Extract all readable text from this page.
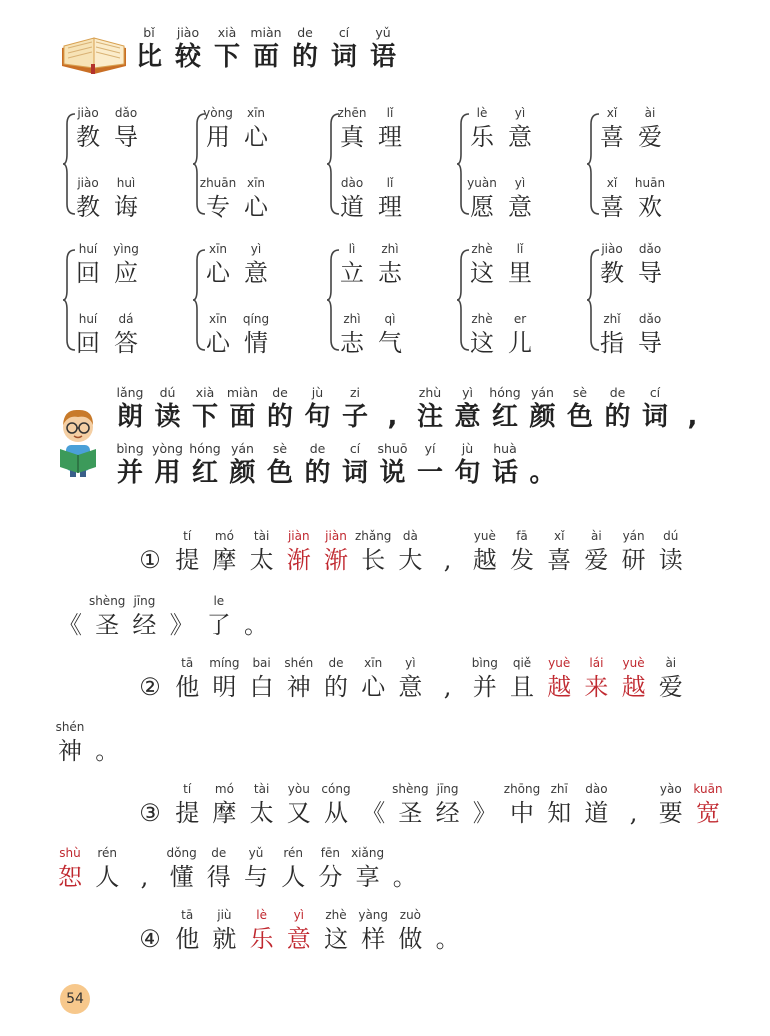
bǐ
比
jiào
较
xià
下
miàn
面
de
的
cí
词
yǔ
语
jiào
教
dǎo
导
jiào
教
huì
诲
yòng
用
xīn
心
zhuān
专
xīn
心
zhēn
真
lǐ
理
dào
道
lǐ
理
lè
乐
yì
意
yuàn
愿
yì
意
xǐ
喜
ài
爱
xǐ
喜
huān
欢
huí
回
yìng
应
huí
回
dá
答
xīn
心
yì
意
xīn
心
qíng
情
lì
立
zhì
志
zhì
志
qì
气
zhè
这
lǐ
里
zhè
这
er
儿
jiào
教
dǎo
导
zhǐ
指
dǎo
导
lǎng
朗
dú
读
xià
下
miàn
面
de
的
jù
句
zi
子 ,
zhù
注
yì
意
hóng
红
yán
颜
sè
色
de
的
cí
词 ,
bìng
并
yòng
用
hóng
红
yán
颜
sè
色
de
的
cí
词
shuō
说
yí
一
jù
句
huà
话 。
①
tí
提
mó
摩
tài
太
jiàn
渐
jiàn
渐
zhǎng
长
dà
大 ,
yuè
越
fā
发
xǐ
喜
ài
爱
yán
研
dú
读
《
shèng
圣
jīng
经 》
le
了 。
②
tā
他
míng
明
bai
白
shén
神
de
的
xīn
心
yì
意 ,
bìng
并
qiě
且
yuè
越
lái
来
yuè
越
ài
爱
shén
神 。
③
tí
提
mó
摩
tài
太
yòu
又
cóng
从 《
shèng
圣
jīng
经 》
zhōng
中
zhī
知
dào
道 ,
yào
要
kuān
宽
shù
恕
rén
人 ,
dǒng
懂
de
得
yǔ
与
rén
人
fēn
分
xiǎng
享 。
④
tā
他
jiù
就
lè
乐
yì
意
zhè
这
yàng
样
zuò
做 。
54
